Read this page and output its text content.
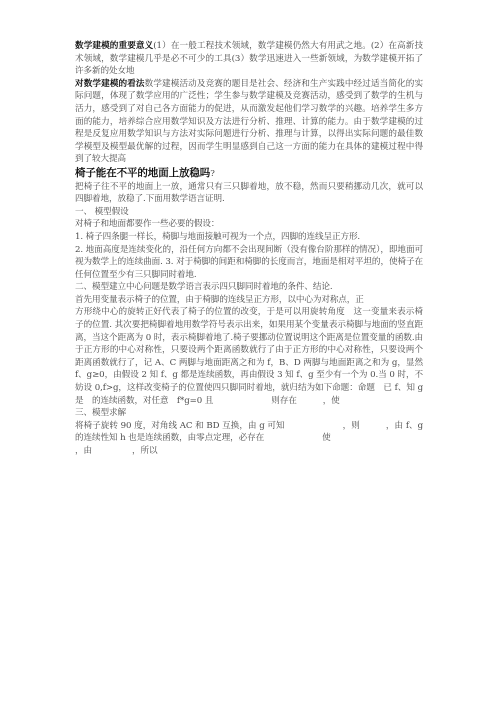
数学建模的重要意义(1）在一般工程技术领域，数学建模仍然大有用武之地。(2）在高新技术领域，数学建模几乎是必不可少的工具(3）数学迅速进入一些新领域，为数学建模开拓了许多新的处女地

对数学建模的看法数学建模活动及竞赛的题目是社会、经济和生产实践中经过适当简化的实际问题，体现了数学应用的广泛性；学生参与数学建模及竞赛活动，感受到了数学的生机与活力，感受到了对自己各方面能力的促进，从而激发起他们学习数学的兴趣。培养学生多方面的能力，培养综合应用数学知识及方法进行分析、推理、计算的能力。由于数学建模的过程是反复应用数学知识与方法对实际问题进行分析、推理与计算，以得出实际问题的最佳数学模型及模型最优解的过程，因而学生明显感到自己这一方面的能力在具体的建模过程中得到了较大提高

椅子能在不平的地面上放稳吗?

把椅子往不平的地面上一放，通常只有三只脚着地，放不稳，然而只要稍挪动几次，就可以四脚着地，放稳了.下面用数学语言证明.

一、 模型假设

对椅子和地面都要作一些必要的假设：

1. 椅子四条腿一样长，椅脚与地面接触可视为一个点，四脚的连线呈正方形.

2. 地面高度是连续变化的，沿任何方向都不会出现间断（没有像台阶那样的情况），即地面可视为数学上的连续曲面. 3. 对于椅脚的间距和椅脚的长度而言，地面是相对平坦的，使椅子在任何位置至少有三只脚同时着地.

二、模型建立中心问题是数学语言表示四只脚同时着地的条件、结论.

首先用变量表示椅子的位置，由于椅脚的连线呈正方形，以中心为对称点，正

方形绕中心的旋转正好代表了椅子的位置的改变，于是可以用旋转角度　这一变量来表示椅子的位置. 其次要把椅脚着地用数学符号表示出来，如果用某个变量表示椅脚与地面的竖直距离，当这个距离为 0 时，表示椅脚着地了.椅子要挪动位置说明这个距离是位置变量的函数.由于正方形的中心对称性，只要设两个距离函数就行了由于正方形的中心对称性，只要设两个距离函数就行了，记 A、C 两脚与地面距离之和为 f，B、D 两脚与地面距离之和为 g，显然 f、g≥0，由假设 2 知 f、g 都是连续函数，再由假设 3 知 f、g 至少有一个为 0.当 0 时，不妨设 0,f>g，这样改变椅子的位置使四只脚同时着地，就归结为如下命题：命题　已 f、知 g 是　的连续函数，对任意　f*g=0 且	则存在	，使

三、模型求解

将椅子旋转 90 度，对角线 AC 和 BD 互换，由 g 可知	，则	，由 f、g 的连续性知 h 也是连续函数，由零点定理，必存在	使

，由	，所以
